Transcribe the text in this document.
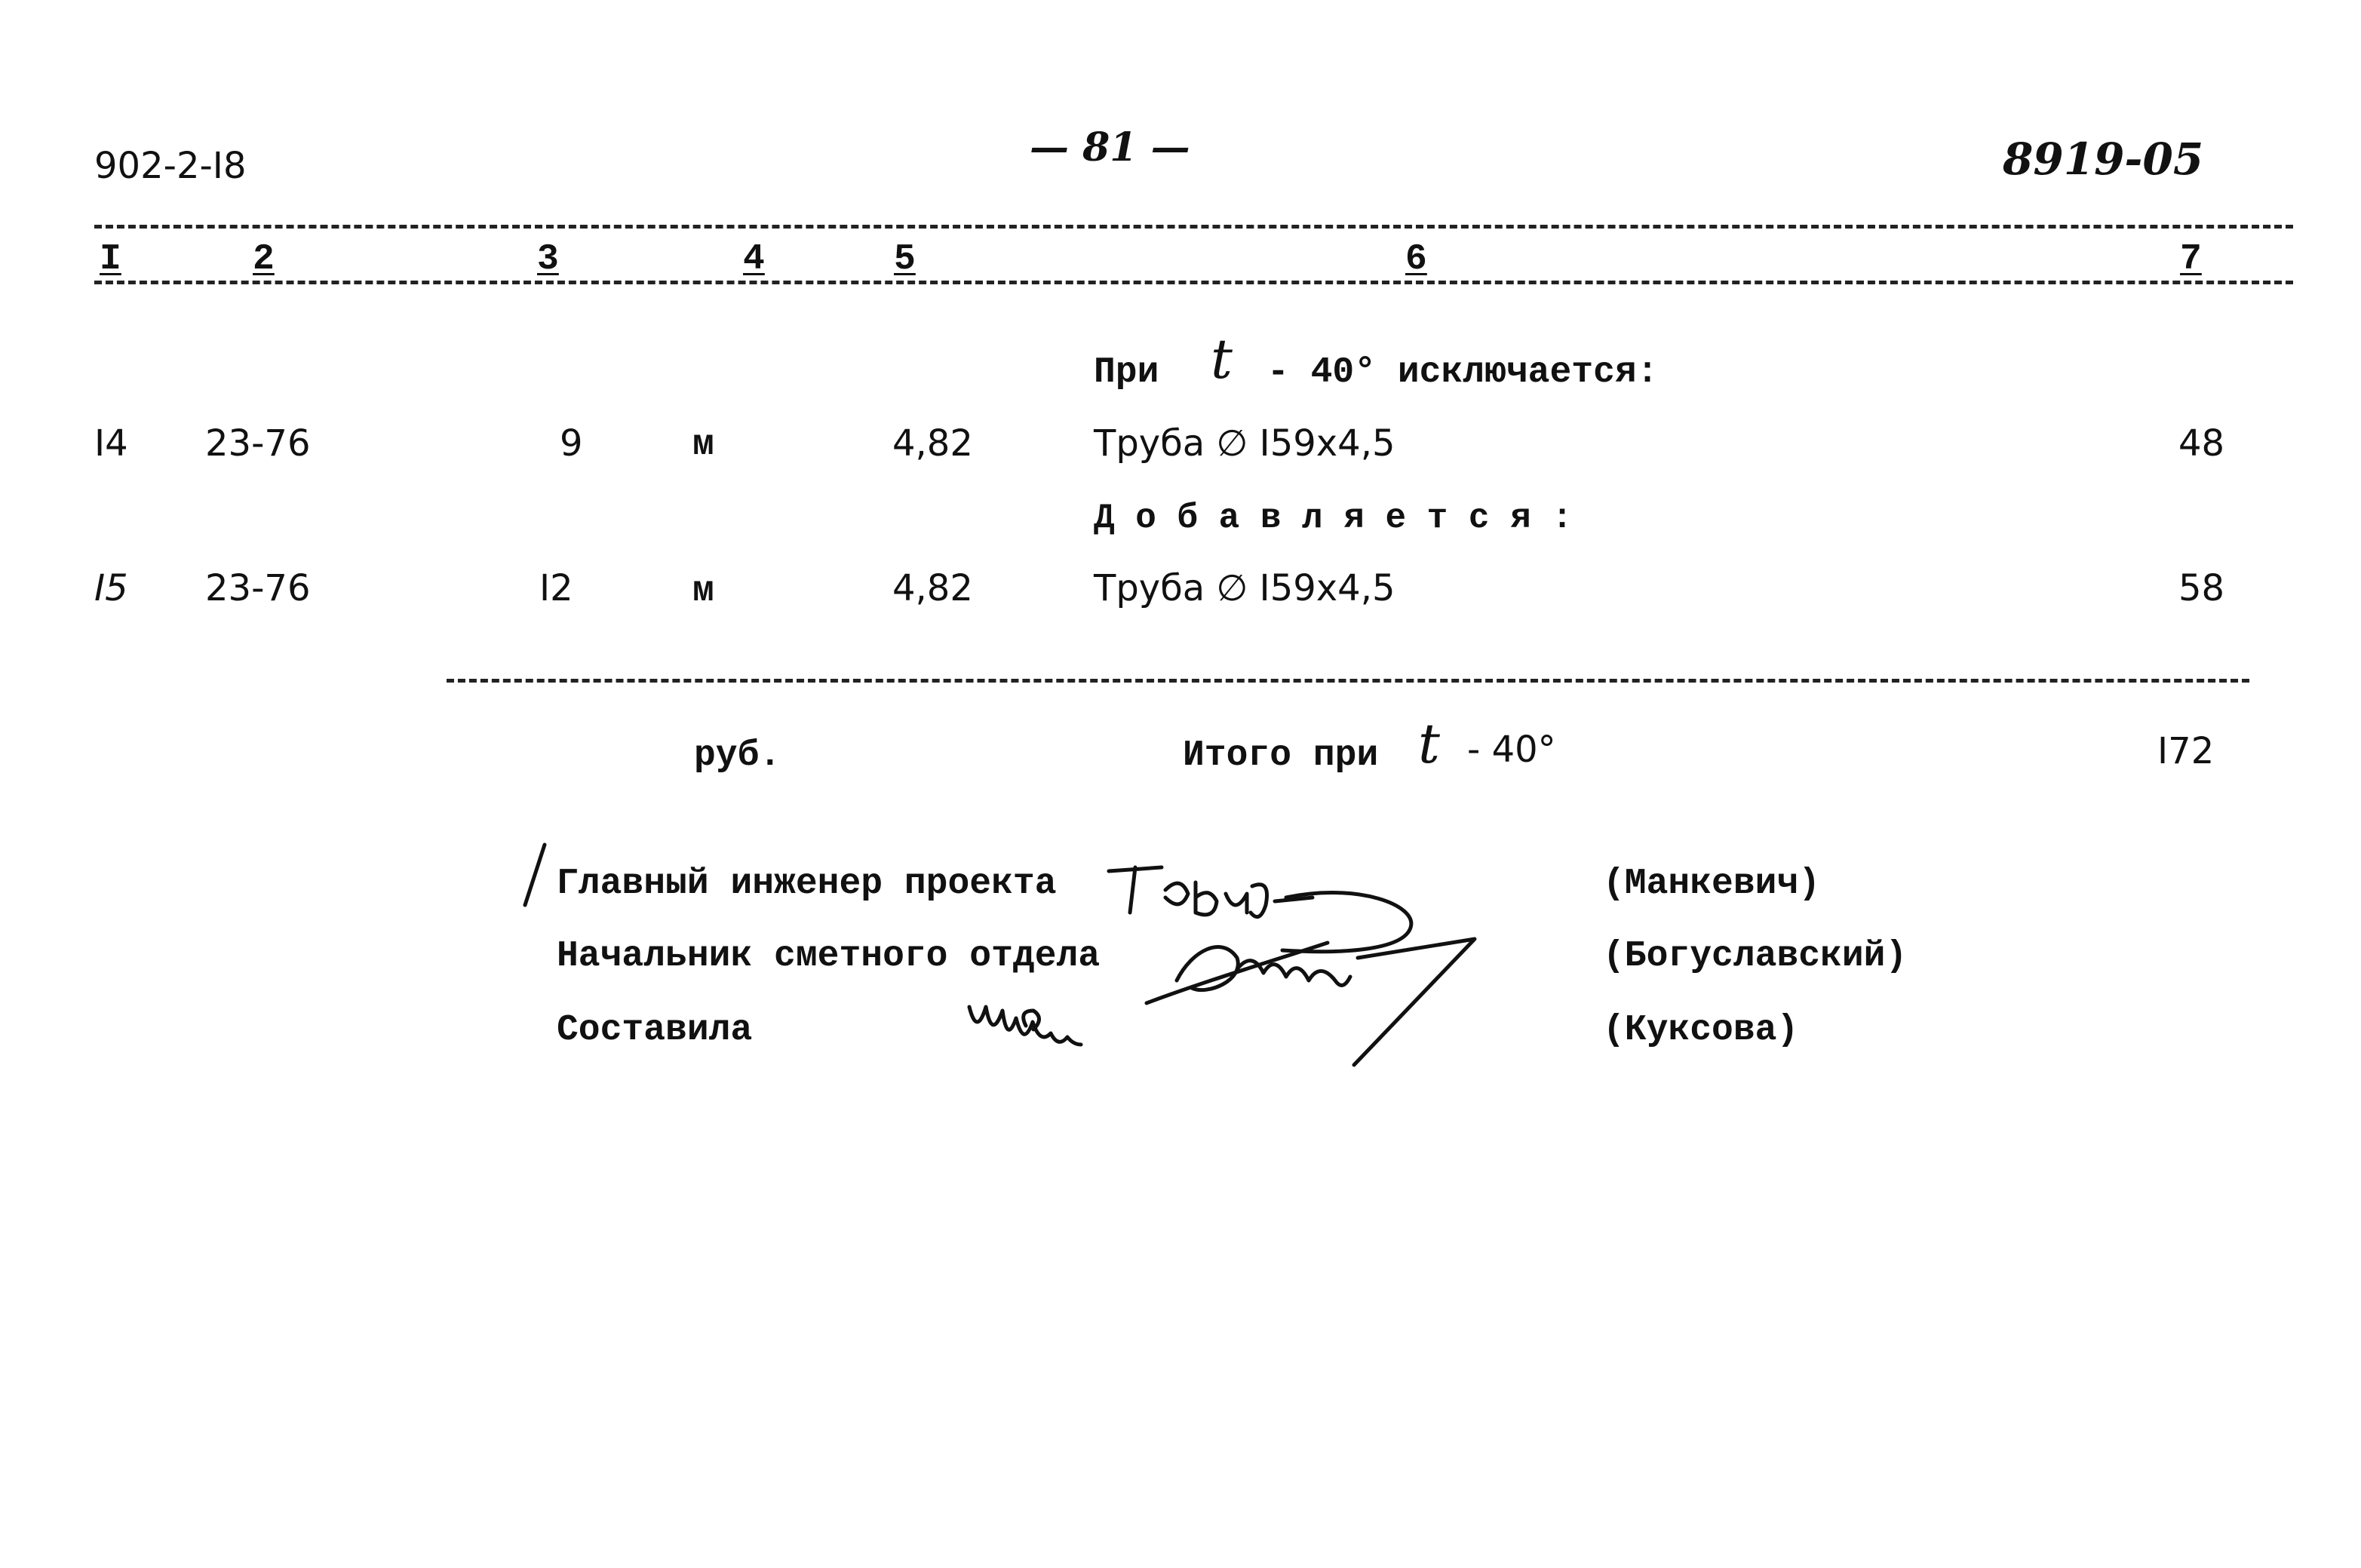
902-2-I8	— 81 —	8919-05
I	2	3	4	5	6	7
При t - 40° исключается:
I4 23-76	9	м	4,82	Труба ∅ I59x4,5	48
Д о б а в л я е т с я :
I5 23-76	I2	м	4,82	Труба ∅ I59x4,5	58
руб.	Итого при t - 40°	I72
Главный инженер проекта	(Манкевич)
Начальник сметного отдела	(Богуславский)
Составила	(Куксова)
